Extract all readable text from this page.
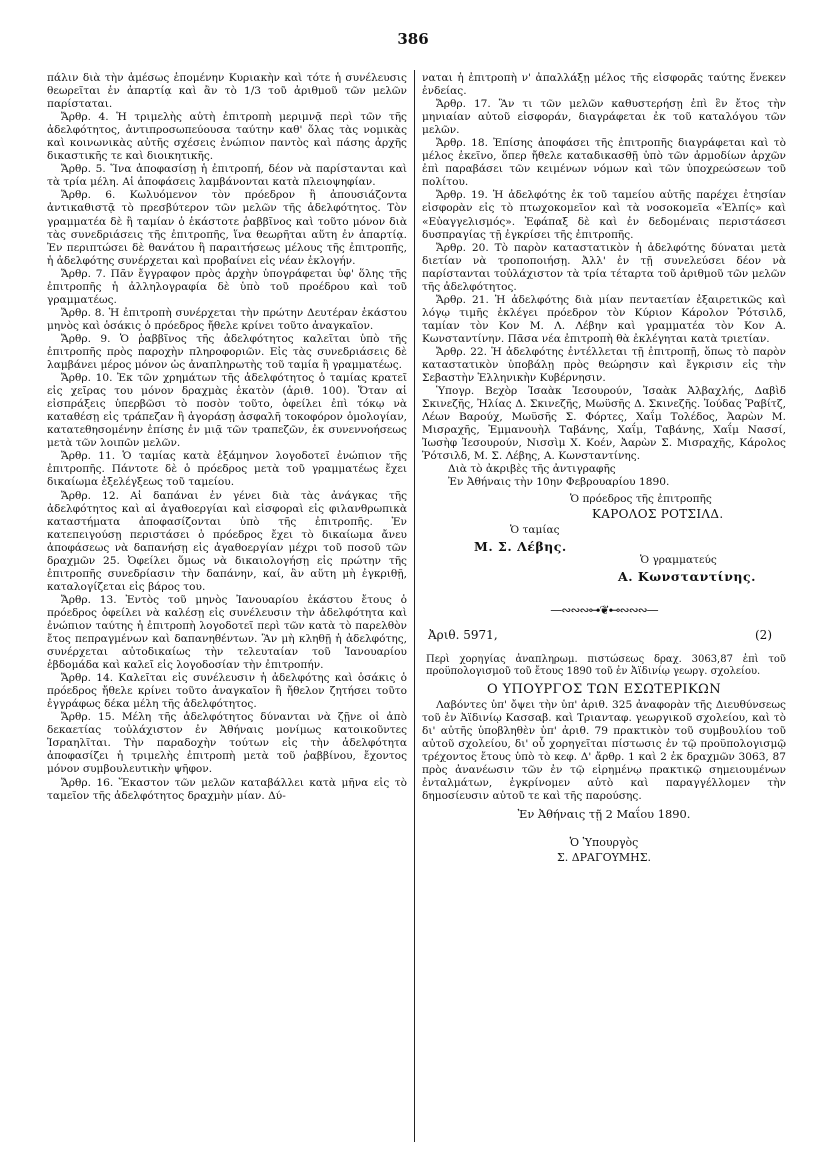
386

πάλιν διὰ τὴν ἀμέσως ἑπομένην Κυριακὴν καὶ τότε ἡ συνέλευσις θεωρεῖται ἐν ἀπαρτίᾳ καὶ ἂν τὸ 1/3 τοῦ ἀριθμοῦ τῶν μελῶν παρίσταται.

Ἄρθρ. 4. Ἡ τριμελὴς αὐτὴ ἐπιτροπὴ μεριμνᾷ περὶ τῶν τῆς ἀδελφότητος, ἀντιπροσωπεύουσα ταύτην καθ' ὅλας τὰς νομικὰς καὶ κοινωνικὰς αὐτῆς σχέσεις ἐνώπιον παντὸς καὶ πάσης ἀρχῆς δικαστικῆς τε καὶ διοικητικῆς.

Ἄρθρ. 5. Ἵνα ἀποφασίσῃ ἡ ἐπιτροπή, δέον νὰ παρίστανται καὶ τὰ τρία μέλη. Αἱ ἀποφάσεις λαμβάνονται κατὰ πλειοψηφίαν.

Ἄρθρ. 6. Κωλυόμενον τὸν πρόεδρον ἢ ἀπουσιάζοντα ἀντικαθιστᾷ τὸ πρεσβύτερον τῶν μελῶν τῆς ἀδελφότητος. Τὸν γραμματέα δὲ ἢ ταμίαν ὁ ἑκάστοτε ῥαββῖνος καὶ τοῦτο μόνον διὰ τὰς συνεδριάσεις τῆς ἐπιτροπῆς, ἵνα θεωρῆται αὕτη ἐν ἀπαρτίᾳ. Ἐν περιπτώσει δὲ θανάτου ἢ παραιτήσεως μέλους τῆς ἐπιτροπῆς, ἡ ἀδελφότης συνέρχεται καὶ προβαίνει εἰς νέαν ἐκλογήν.

Ἄρθρ. 7. Πᾶν ἔγγραφον πρὸς ἀρχὴν ὑπογράφεται ὑφ' ὅλης τῆς ἐπιτροπῆς ἡ ἀλληλογραφία δὲ ὑπὸ τοῦ προέδρου καὶ τοῦ γραμματέως.

Ἄρθρ. 8. Ἡ ἐπιτροπὴ συνέρχεται τὴν πρώτην Δευτέραν ἑκάστου μηνὸς καὶ ὁσάκις ὁ πρόεδρος ἤθελε κρίνει τοῦτο ἀναγκαῖον.

Ἄρθρ. 9. Ὁ ῥαββῖνος τῆς ἀδελφότητος καλεῖται ὑπὸ τῆς ἐπιτροπῆς πρὸς παροχὴν πληροφοριῶν. Εἰς τὰς συνεδριάσεις δὲ λαμβάνει μέρος μόνον ὡς ἀναπληρωτὴς τοῦ ταμία ἢ γραμματέως.

Ἄρθρ. 10. Ἐκ τῶν χρημάτων τῆς ἀδελφότητος ὁ ταμίας κρατεῖ εἰς χεῖρας του μόνον δραχμὰς ἑκατὸν (ἀριθ. 100). Ὅταν αἱ εἰσπράξεις ὑπερβῶσι τὸ ποσὸν τοῦτο, ὀφείλει ἐπὶ τόκῳ νὰ καταθέσῃ εἰς τράπεζαν ἢ ἀγοράσῃ ἀσφαλῆ τοκοφόρον ὁμολογίαν, κατατεθησομένην ἐπίσης ἐν μιᾷ τῶν τραπεζῶν, ἐκ συνεννοήσεως μετὰ τῶν λοιπῶν μελῶν.

Ἄρθρ. 11. Ὁ ταμίας κατὰ ἑξάμηνον λογοδοτεῖ ἐνώπιον τῆς ἐπιτροπῆς. Πάντοτε δὲ ὁ πρόεδρος μετὰ τοῦ γραμματέως ἔχει δικαίωμα ἐξελέγξεως τοῦ ταμείου.

Ἄρθρ. 12. Αἱ δαπάναι ἐν γένει διὰ τὰς ἀνάγκας τῆς ἀδελφότητος καὶ αἱ ἀγαθοεργίαι καὶ εἰσφοραὶ εἰς φιλανθρωπικὰ καταστήματα ἀποφασίζονται ὑπὸ τῆς ἐπιτροπῆς. Ἐν κατεπειγούσῃ περιστάσει ὁ πρόεδρος ἔχει τὸ δικαίωμα ἄνευ ἀποφάσεως νὰ δαπανήσῃ εἰς ἀγαθοεργίαν μέχρι τοῦ ποσοῦ τῶν δραχμῶν 25. Ὀφείλει ὅμως νὰ δικαιολογήσῃ εἰς πρώτην τῆς ἐπιτροπῆς συνεδρίασιν τὴν δαπάνην, καί, ἂν αὕτη μὴ ἐγκριθῇ, καταλογίζεται εἰς βάρος του.

Ἄρθρ. 13. Ἐντὸς τοῦ μηνὸς Ἰανουαρίου ἑκάστου ἔτους ὁ πρόεδρος ὀφείλει νὰ καλέσῃ εἰς συνέλευσιν τὴν ἀδελφότητα καὶ ἐνώπιον ταύτης ἡ ἐπιτροπὴ λογοδοτεῖ περὶ τῶν κατὰ τὸ παρελθὸν ἔτος πεπραγμένων καὶ δαπανηθέντων. Ἂν μὴ κληθῇ ἡ ἀδελφότης, συνέρχεται αὐτοδικαίως τὴν τελευταίαν τοῦ Ἰανουαρίου ἑβδομάδα καὶ καλεῖ εἰς λογοδοσίαν τὴν ἐπιτροπήν.

Ἄρθρ. 14. Καλεῖται εἰς συνέλευσιν ἡ ἀδελφότης καὶ ὁσάκις ὁ πρόεδρος ἤθελε κρίνει τοῦτο ἀναγκαῖον ἢ ἤθελον ζητήσει τοῦτο ἐγγράφως δέκα μέλη τῆς ἀδελφότητος.

Ἄρθρ. 15. Μέλη τῆς ἀδελφότητος δύνανται νὰ ζῇνε οἱ ἀπὸ δεκαετίας τοὐλάχιστον ἐν Ἀθήναις μονίμως κατοικοῦντες Ἰσραηλῖται. Τὴν παραδοχὴν τούτων εἰς τὴν ἀδελφότητα ἀποφασίζει ἡ τριμελὴς ἐπιτροπὴ μετὰ τοῦ ῥαββίνου, ἔχοντος μόνον συμβουλευτικὴν ψῆφον.

Ἄρθρ. 16. Ἕκαστον τῶν μελῶν καταβάλλει κατὰ μῆνα εἰς τὸ ταμεῖον τῆς ἀδελφότητος δραχμὴν μίαν. Δύ-

ναται ἡ ἐπιτροπὴ ν' ἀπαλλάξῃ μέλος τῆς εἰσφορᾶς ταύτης ἕνεκεν ἐνδείας.

Ἄρθρ. 17. Ἂν τι τῶν μελῶν καθυστερήσῃ ἐπὶ ἓν ἔτος τὴν μηνιαίαν αὐτοῦ εἰσφοράν, διαγράφεται ἐκ τοῦ καταλόγου τῶν μελῶν.

Ἄρθρ. 18. Ἐπίσης ἀποφάσει τῆς ἐπιτροπῆς διαγράφεται καὶ τὸ μέλος ἐκεῖνο, ὅπερ ἤθελε καταδικασθῇ ὑπὸ τῶν ἁρμοδίων ἀρχῶν ἐπὶ παραβάσει τῶν κειμένων νόμων καὶ τῶν ὑποχρεώσεων τοῦ πολίτου.

Ἄρθρ. 19. Ἡ ἀδελφότης ἐκ τοῦ ταμείου αὐτῆς παρέχει ἐτησίαν εἰσφορὰν εἰς τὸ πτωχοκομεῖον καὶ τὰ νοσοκομεῖα «Ἐλπίς» καὶ «Εὐαγγελισμός». Ἐφάπαξ δὲ καὶ ἐν δεδομέναις περιστάσεσι δυσπραγίας τῇ ἐγκρίσει τῆς ἐπιτροπῆς.

Ἄρθρ. 20. Τὸ παρὸν καταστατικὸν ἡ ἀδελφότης δύναται μετὰ διετίαν νὰ τροποποιήσῃ. Ἀλλ' ἐν τῇ συνελεύσει δέον νὰ παρίστανται τοὐλάχιστον τὰ τρία τέταρτα τοῦ ἀριθμοῦ τῶν μελῶν τῆς ἀδελφότητος.

Ἄρθρ. 21. Ἡ ἀδελφότης διὰ μίαν πενταετίαν ἐξαιρετικῶς καὶ λόγῳ τιμῆς ἐκλέγει πρόεδρον τὸν Κύριον Κάρολον Ῥότσιλδ, ταμίαν τὸν Κον Μ. Λ. Λέβην καὶ γραμματέα τὸν Κον Α. Κωνσταντίνην. Πᾶσα νέα ἐπιτροπὴ θὰ ἐκλέγηται κατὰ τριετίαν.

Ἄρθρ. 22. Ἡ ἀδελφότης ἐντέλλεται τῇ ἐπιτροπῇ, ὅπως τὸ παρὸν καταστατικὸν ὑποβάλῃ πρὸς θεώρησιν καὶ ἔγκρισιν εἰς τὴν Σεβαστὴν Ἑλληνικὴν Κυβέρνησιν.

Ὑπογρ. Βεχὸρ Ἰσαὰκ Ἰεσουρούν, Ἰσαὰκ Ἀλβαχλής, Δαβὶδ Σκινεζῆς, Ἠλίας Δ. Σκινεζῆς, Μωϋσῆς Δ. Σκινεζῆς. Ἰούδας Ῥαβίτζ, Λέων Βαρούχ, Μωϋσῆς Σ. Φόρτες, Χαΐμ Τολέδος, Ἀαρὼν Μ. Μισραχῆς, Ἐμμανουὴλ Ταβάνης, Χαΐμ, Ταβάνης, Χαΐμ Νασσί, Ἰωσὴφ Ἰεσουρούν, Νισσὶμ Χ. Κοέν, Ἀαρὼν Σ. Μισραχῆς, Κάρολος Ῥότσιλδ, Μ. Σ. Λέβης, Α. Κωνσταντίνης.

Διὰ τὸ ἀκριβὲς τῆς ἀντιγραφῆς

Ἐν Ἀθήναις τὴν 10ην Φεβρουαρίου 1890.

Ὁ πρόεδρος τῆς ἐπιτροπῆς
ΚΑΡΟΛΟΣ ΡΟΤΣΙΛΔ.
Ὁ ταμίας
Μ. Σ. Λέβης.
Ὁ γραμματεύς
Α. Κωνσταντίνης.
—∾∾∾⊶❦⊷∾∾∾—
Ἀριθ. 5971,	(2)

Περὶ χορηγίας ἀναπληρωμ. πιστώσεως δραχ. 3063,87 ἐπὶ τοῦ προϋπολογισμοῦ τοῦ ἔτους 1890 τοῦ ἐν Ἀϊδινίῳ γεωργ. σχολείου.

Ο ΥΠΟΥΡΓΟΣ ΤΩΝ ΕΣΩΤΕΡΙΚΩΝ

Λαβόντες ὑπ' ὄψει τὴν ὑπ' ἀριθ. 325 ἀναφορὰν τῆς Διευθύνσεως τοῦ ἐν Ἀϊδινίῳ Κασσαβ. καὶ Τριανταφ. γεωργικοῦ σχολείου, καὶ τὸ δι' αὐτῆς ὑποβληθὲν ὑπ' ἀριθ. 79 πρακτικὸν τοῦ συμβουλίου τοῦ αὐτοῦ σχολείου, δι' οὗ χορηγεῖται πίστωσις ἐν τῷ προϋπολογισμῷ τρέχοντος ἔτους ὑπὸ τὸ κεφ. Δ' ἄρθρ. 1 καὶ 2 ἐκ δραχμῶν 3063, 87 πρὸς ἀνανέωσιν τῶν ἐν τῷ εἰρημένῳ πρακτικῷ σημειουμένων ἐνταλμάτων, ἐγκρίνομεν αὐτὸ καὶ παραγγέλλομεν τὴν δημοσίευσιν αὐτοῦ τε καὶ τῆς παρούσης.

Ἐν Ἀθήναις τῇ 2 Μαΐου 1890.
Ὁ Ὑπουργὸς
Σ. ΔΡΑΓΟΥΜΗΣ.
